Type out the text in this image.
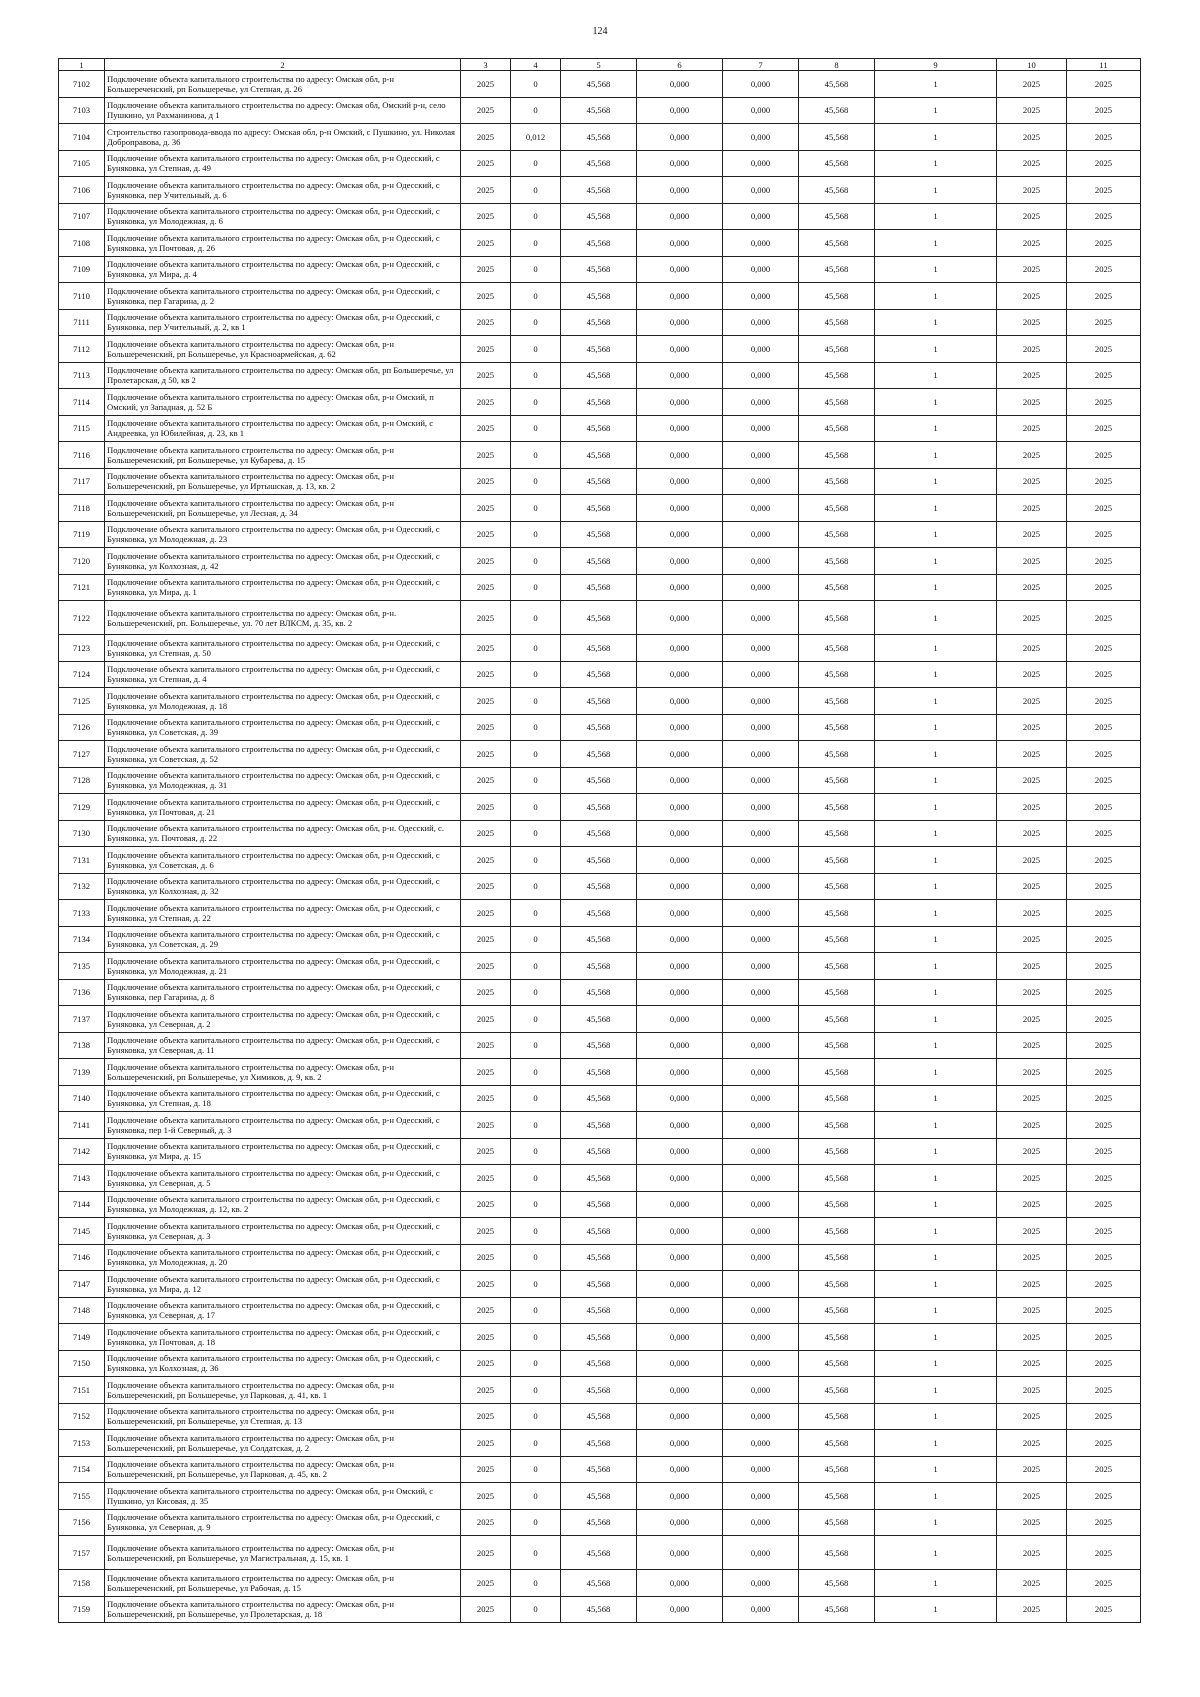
124
1	2	3	4	5	6	7	8	9	10	11
7102	Подключение объекта капитального строительства по адресу: Омская обл, р-н Большереченский, рп Большеречье, ул Степная, д. 26	2025	0	45,568	0,000	0,000	45,568	1	2025	2025
7103	Подключение объекта капитального строительства по адресу: Омская обл, Омский р-н, село Пушкино, ул Рахманинова, д 1	2025	0	45,568	0,000	0,000	45,568	1	2025	2025
7104	Строительство газопровода-ввода по адресу: Омская обл, р-н Омский, с Пушкино, ул. Николая Доброправова, д. 36	2025	0,012	45,568	0,000	0,000	45,568	1	2025	2025
7105	Подключение объекта капитального строительства по адресу: Омская обл, р-н Одесский, с Буняковка, ул Степная, д. 49	2025	0	45,568	0,000	0,000	45,568	1	2025	2025
7106	Подключение объекта капитального строительства по адресу: Омская обл, р-н Одесский, с Буняковка, пер Учительный, д. 6	2025	0	45,568	0,000	0,000	45,568	1	2025	2025
7107	Подключение объекта капитального строительства по адресу: Омская обл, р-н Одесский, с Буняковка, ул Молодежная, д. 6	2025	0	45,568	0,000	0,000	45,568	1	2025	2025
7108	Подключение объекта капитального строительства по адресу: Омская обл, р-н Одесский, с Буняковка, ул Почтовая, д. 26	2025	0	45,568	0,000	0,000	45,568	1	2025	2025
7109	Подключение объекта капитального строительства по адресу: Омская обл, р-н Одесский, с Буняковка, ул Мира, д. 4	2025	0	45,568	0,000	0,000	45,568	1	2025	2025
7110	Подключение объекта капитального строительства по адресу: Омская обл, р-н Одесский, с Буняковка, пер Гагарина, д. 2	2025	0	45,568	0,000	0,000	45,568	1	2025	2025
7111	Подключение объекта капитального строительства по адресу: Омская обл, р-н Одесский, с Буняковка, пер Учительный, д. 2, кв 1	2025	0	45,568	0,000	0,000	45,568	1	2025	2025
7112	Подключение объекта капитального строительства по адресу: Омская обл, р-н Большереченский, рп Большеречье, ул Красноармейская, д. 62	2025	0	45,568	0,000	0,000	45,568	1	2025	2025
7113	Подключение объекта капитального строительства по адресу: Омская обл, рп Большеречье, ул Пролетарская, д 50, кв 2	2025	0	45,568	0,000	0,000	45,568	1	2025	2025
7114	Подключение объекта капитального строительства по адресу: Омская обл, р-н Омский, п Омский, ул Западная, д. 52 Б	2025	0	45,568	0,000	0,000	45,568	1	2025	2025
7115	Подключение объекта капитального строительства по адресу: Омская обл, р-н Омский, с Андреевка, ул Юбилейная, д. 23, кв 1	2025	0	45,568	0,000	0,000	45,568	1	2025	2025
7116	Подключение объекта капитального строительства по адресу: Омская обл, р-н Большереченский, рп Большеречье, ул Кубарева, д. 15	2025	0	45,568	0,000	0,000	45,568	1	2025	2025
7117	Подключение объекта капитального строительства по адресу: Омская обл, р-н Большереченский, рп Большеречье, ул Иртышская, д. 13, кв. 2	2025	0	45,568	0,000	0,000	45,568	1	2025	2025
7118	Подключение объекта капитального строительства по адресу: Омская обл, р-н Большереченский, рп Большеречье, ул Лесная, д. 34	2025	0	45,568	0,000	0,000	45,568	1	2025	2025
7119	Подключение объекта капитального строительства по адресу: Омская обл, р-н Одесский, с Буняковка, ул Молодежная, д. 23	2025	0	45,568	0,000	0,000	45,568	1	2025	2025
7120	Подключение объекта капитального строительства по адресу: Омская обл, р-н Одесский, с Буняковка, ул Колхозная, д. 42	2025	0	45,568	0,000	0,000	45,568	1	2025	2025
7121	Подключение объекта капитального строительства по адресу: Омская обл, р-н Одесский, с Буняковка, ул Мира, д. 1	2025	0	45,568	0,000	0,000	45,568	1	2025	2025
7122	Подключение объекта капитального строительства по адресу: Омская обл, р-н. Большереченский, рп. Большеречье, ул. 70 лет ВЛКСМ, д. 35, кв. 2	2025	0	45,568	0,000	0,000	45,568	1	2025	2025
7123	Подключение объекта капитального строительства по адресу: Омская обл, р-н Одесский, с Буняковка, ул Степная, д. 50	2025	0	45,568	0,000	0,000	45,568	1	2025	2025
7124	Подключение объекта капитального строительства по адресу: Омская обл, р-н Одесский, с Буняковка, ул Степная, д. 4	2025	0	45,568	0,000	0,000	45,568	1	2025	2025
7125	Подключение объекта капитального строительства по адресу: Омская обл, р-н Одесский, с Буняковка, ул Молодежная, д. 18	2025	0	45,568	0,000	0,000	45,568	1	2025	2025
7126	Подключение объекта капитального строительства по адресу: Омская обл, р-н Одесский, с Буняковка, ул Советская, д. 39	2025	0	45,568	0,000	0,000	45,568	1	2025	2025
7127	Подключение объекта капитального строительства по адресу: Омская обл, р-н Одесский, с Буняковка, ул Советская, д. 52	2025	0	45,568	0,000	0,000	45,568	1	2025	2025
7128	Подключение объекта капитального строительства по адресу: Омская обл, р-н Одесский, с Буняковка, ул Молодежная, д. 31	2025	0	45,568	0,000	0,000	45,568	1	2025	2025
7129	Подключение объекта капитального строительства по адресу: Омская обл, р-н Одесский, с Буняковка, ул Почтовая, д. 21	2025	0	45,568	0,000	0,000	45,568	1	2025	2025
7130	Подключение объекта капитального строительства по адресу: Омская обл, р-н. Одесский, с. Буняковка, ул. Почтовая, д. 22	2025	0	45,568	0,000	0,000	45,568	1	2025	2025
7131	Подключение объекта капитального строительства по адресу: Омская обл, р-н Одесский, с Буняковка, ул Советская, д. 6	2025	0	45,568	0,000	0,000	45,568	1	2025	2025
7132	Подключение объекта капитального строительства по адресу: Омская обл, р-н Одесский, с Буняковка, ул Колхозная, д. 32	2025	0	45,568	0,000	0,000	45,568	1	2025	2025
7133	Подключение объекта капитального строительства по адресу: Омская обл, р-н Одесский, с Буняковка, ул Степная, д. 22	2025	0	45,568	0,000	0,000	45,568	1	2025	2025
7134	Подключение объекта капитального строительства по адресу: Омская обл, р-н Одесский, с Буняковка, ул Советская, д. 29	2025	0	45,568	0,000	0,000	45,568	1	2025	2025
7135	Подключение объекта капитального строительства по адресу: Омская обл, р-н Одесский, с Буняковка, ул Молодежная, д. 21	2025	0	45,568	0,000	0,000	45,568	1	2025	2025
7136	Подключение объекта капитального строительства по адресу: Омская обл, р-н Одесский, с Буняковка, пер Гагарина, д. 8	2025	0	45,568	0,000	0,000	45,568	1	2025	2025
7137	Подключение объекта капитального строительства по адресу: Омская обл, р-н Одесский, с Буняковка, ул Северная, д. 2	2025	0	45,568	0,000	0,000	45,568	1	2025	2025
7138	Подключение объекта капитального строительства по адресу: Омская обл, р-н Одесский, с Буняковка, ул Северная, д. 11	2025	0	45,568	0,000	0,000	45,568	1	2025	2025
7139	Подключение объекта капитального строительства по адресу: Омская обл, р-н Большереченский, рп Большеречье, ул Химиков, д. 9, кв. 2	2025	0	45,568	0,000	0,000	45,568	1	2025	2025
7140	Подключение объекта капитального строительства по адресу: Омская обл, р-н Одесский, с Буняковка, ул Степная, д. 18	2025	0	45,568	0,000	0,000	45,568	1	2025	2025
7141	Подключение объекта капитального строительства по адресу: Омская обл, р-н Одесский, с Буняковка, пер 1-й Северный, д. 3	2025	0	45,568	0,000	0,000	45,568	1	2025	2025
7142	Подключение объекта капитального строительства по адресу: Омская обл, р-н Одесский, с Буняковка, ул Мира, д. 15	2025	0	45,568	0,000	0,000	45,568	1	2025	2025
7143	Подключение объекта капитального строительства по адресу: Омская обл, р-н Одесский, с Буняковка, ул Северная, д. 5	2025	0	45,568	0,000	0,000	45,568	1	2025	2025
7144	Подключение объекта капитального строительства по адресу: Омская обл, р-н Одесский, с Буняковка, ул Молодежная, д. 12, кв. 2	2025	0	45,568	0,000	0,000	45,568	1	2025	2025
7145	Подключение объекта капитального строительства по адресу: Омская обл, р-н Одесский, с Буняковка, ул Северная, д. 3	2025	0	45,568	0,000	0,000	45,568	1	2025	2025
7146	Подключение объекта капитального строительства по адресу: Омская обл, р-н Одесский, с Буняковка, ул Молодежная, д. 20	2025	0	45,568	0,000	0,000	45,568	1	2025	2025
7147	Подключение объекта капитального строительства по адресу: Омская обл, р-н Одесский, с Буняковка, ул Мира, д. 12	2025	0	45,568	0,000	0,000	45,568	1	2025	2025
7148	Подключение объекта капитального строительства по адресу: Омская обл, р-н Одесский, с Буняковка, ул Северная, д. 17	2025	0	45,568	0,000	0,000	45,568	1	2025	2025
7149	Подключение объекта капитального строительства по адресу: Омская обл, р-н Одесский, с Буняковка, ул Почтовая, д. 18	2025	0	45,568	0,000	0,000	45,568	1	2025	2025
7150	Подключение объекта капитального строительства по адресу: Омская обл, р-н Одесский, с Буняковка, ул Колхозная, д. 36	2025	0	45,568	0,000	0,000	45,568	1	2025	2025
7151	Подключение объекта капитального строительства по адресу: Омская обл, р-н Большереченский, рп Большеречье, ул Парковая, д. 41, кв. 1	2025	0	45,568	0,000	0,000	45,568	1	2025	2025
7152	Подключение объекта капитального строительства по адресу: Омская обл, р-н Большереченский, рп Большеречье, ул Степная, д. 13	2025	0	45,568	0,000	0,000	45,568	1	2025	2025
7153	Подключение объекта капитального строительства по адресу: Омская обл, р-н Большереченский, рп Большеречье, ул Солдатская, д. 2	2025	0	45,568	0,000	0,000	45,568	1	2025	2025
7154	Подключение объекта капитального строительства по адресу: Омская обл, р-н Большереченский, рп Большеречье, ул Парковая, д. 45, кв. 2	2025	0	45,568	0,000	0,000	45,568	1	2025	2025
7155	Подключение объекта капитального строительства по адресу: Омская обл, р-н Омский, с Пушкино, ул Кисовая, д. 35	2025	0	45,568	0,000	0,000	45,568	1	2025	2025
7156	Подключение объекта капитального строительства по адресу: Омская обл, р-н Одесский, с Буняковка, ул Северная, д. 9	2025	0	45,568	0,000	0,000	45,568	1	2025	2025
7157	Подключение объекта капитального строительства по адресу: Омская обл, р-н Большереченский, рп Большеречье, ул Магистральная, д. 15, кв. 1	2025	0	45,568	0,000	0,000	45,568	1	2025	2025
7158	Подключение объекта капитального строительства по адресу: Омская обл, р-н Большереченский, рп Большеречье, ул Рабочая, д. 15	2025	0	45,568	0,000	0,000	45,568	1	2025	2025
7159	Подключение объекта капитального строительства по адресу: Омская обл, р-н Большереченский, рп Большеречье, ул Пролетарская, д. 18	2025	0	45,568	0,000	0,000	45,568	1	2025	2025
